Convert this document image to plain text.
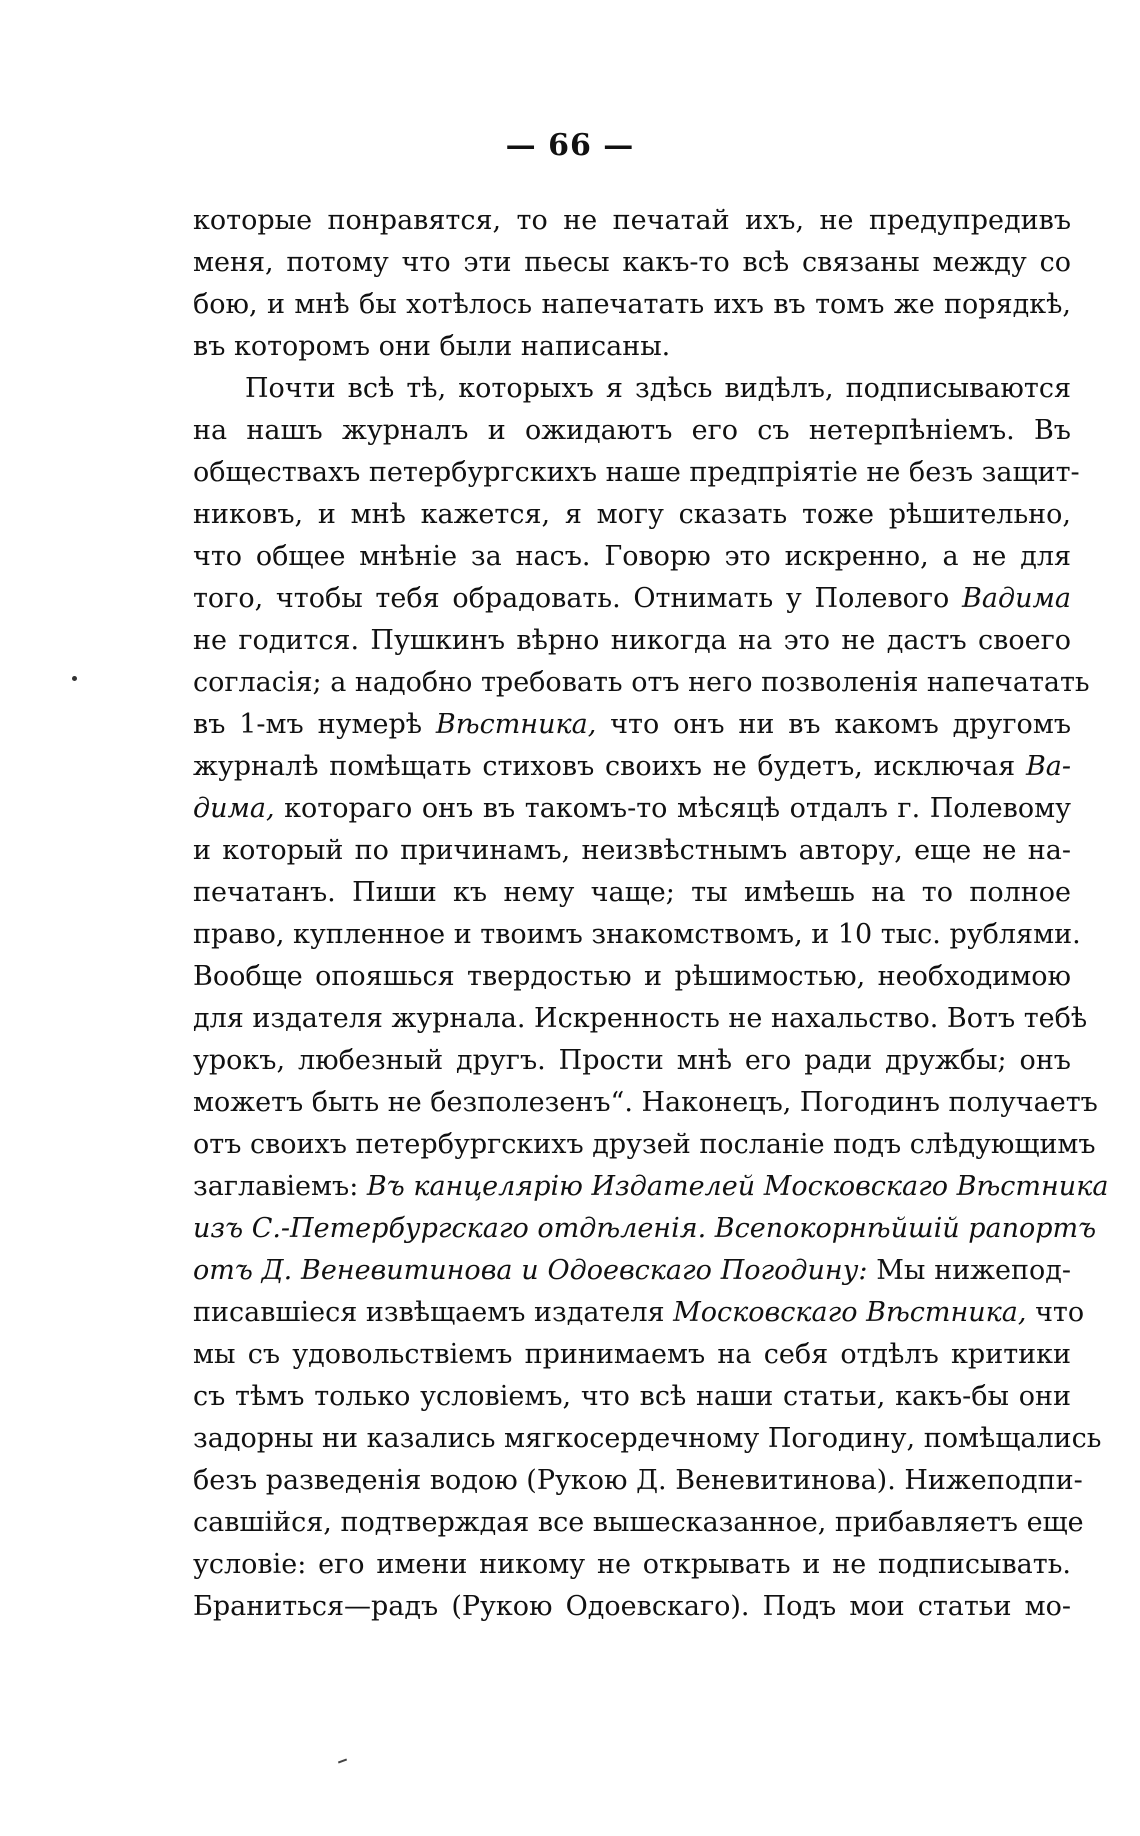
— 66 —
которые понравятся, то не печатай ихъ, не предупредивъ
меня, потому что эти пьесы какъ-то всѣ связаны между со
бою, и мнѣ бы хотѣлось напечатать ихъ въ томъ же порядкѣ,
въ которомъ они были написаны.
Почти всѣ тѣ, которыхъ я здѣсь видѣлъ, подписываются
на нашъ журналъ и ожидаютъ его съ нетерпѣніемъ. Въ
обществахъ петербургскихъ наше предпріятіе не безъ защит-
никовъ, и мнѣ кажется, я могу сказать тоже рѣшительно,
что общее мнѣніе за насъ. Говорю это искренно, а не для
того, чтобы тебя обрадовать. Отнимать у Полевого Вадима
не годится. Пушкинъ вѣрно никогда на это не дастъ своего
согласія; а надобно требовать отъ него позволенія напечатать
въ 1-мъ нумерѣ Вѣстника, что онъ ни въ какомъ другомъ
журналѣ помѣщать стиховъ своихъ не будетъ, исключая Ва-
дима, котораго онъ въ такомъ-то мѣсяцѣ отдалъ г. Полевому
и который по причинамъ, неизвѣстнымъ автору, еще не на-
печатанъ. Пиши къ нему чаще; ты имѣешь на то полное
право, купленное и твоимъ знакомствомъ, и 10 тыс. рублями.
Вообще опояшься твердостью и рѣшимостью, необходимою
для издателя журнала. Искренность не нахальство. Вотъ тебѣ
урокъ, любезный другъ. Прости мнѣ его ради дружбы; онъ
можетъ быть не безполезенъ“. Наконецъ, Погодинъ получаетъ
отъ своихъ петербургскихъ друзей посланіе подъ слѣдующимъ
заглавіемъ: Въ канцелярію Издателей Московскаго Вѣстника
изъ С.-Петербургскаго отдѣленія. Всепокорнѣйшій рапортъ
отъ Д. Веневитинова и Одоевскаго Погодину: Мы нижепод-
писавшіеся извѣщаемъ издателя Московскаго Вѣстника, что
мы съ удовольствіемъ принимаемъ на себя отдѣлъ критики
съ тѣмъ только условіемъ, что всѣ наши статьи, какъ-бы они
задорны ни казались мягкосердечному Погодину, помѣщались
безъ разведенія водою (Рукою Д. Веневитинова). Нижеподпи-
савшійся, подтверждая все вышесказанное, прибавляетъ еще
условіе: его имени никому не открывать и не подписывать.
Браниться—радъ (Рукою Одоевскаго). Подъ мои статьи мо-
